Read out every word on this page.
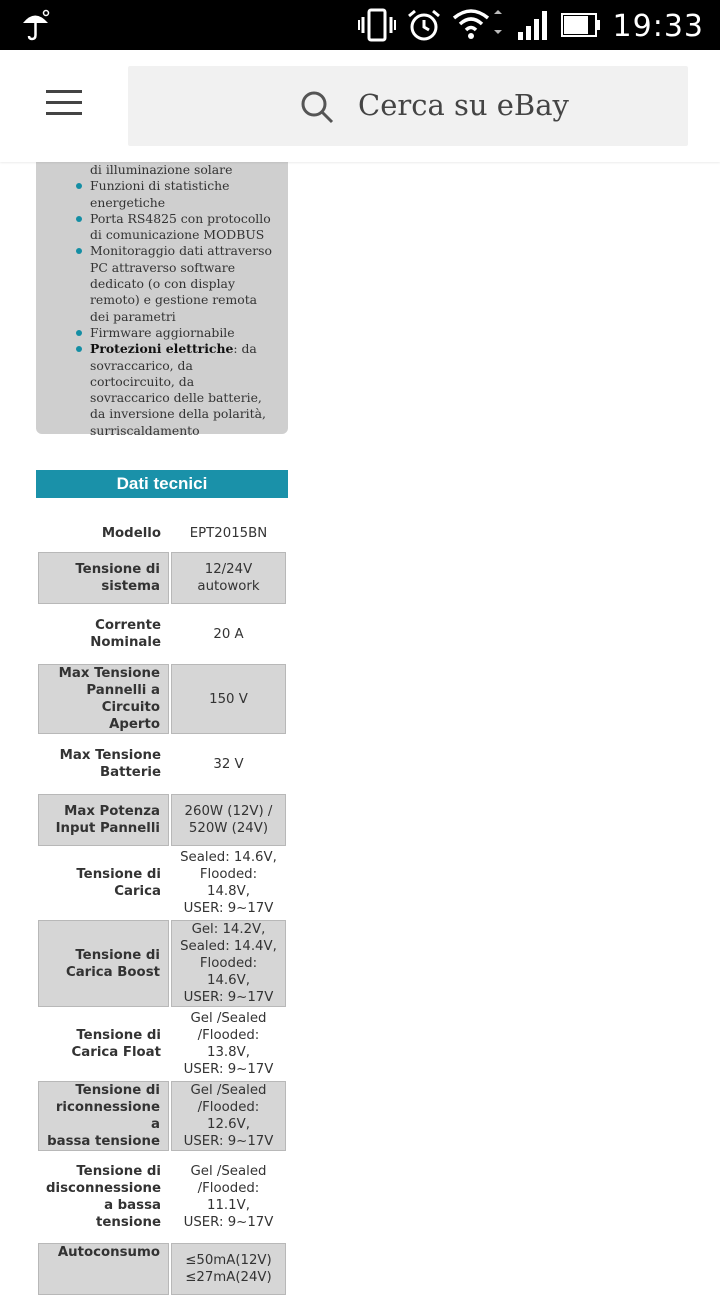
19:33
Cerca su eBay
di illuminazione solare
Funzioni di statistiche energetiche
Porta RS4825 con protocollo di comunicazione MODBUS
Monitoraggio dati attraverso PC attraverso software dedicato (o con display remoto) e gestione remota dei parametri
Firmware aggiornabile
Protezioni elettriche: da sovraccarico, da cortocircuito, da sovraccarico delle batterie, da inversione della polarità, surriscaldamento
Dati tecnici
Modello	EPT2015BN

Tensione di
sistema	12/24V
autowork

Corrente
Nominale	20 A

Max Tensione
Pannelli a
Circuito Aperto	150 V

Max Tensione
Batterie	32 V

Max Potenza
Input Pannelli	260W (12V) /
520W (24V)

Tensione di
Carica	Sealed: 14.6V,
Flooded: 14.8V,
USER: 9~17V

Tensione di
Carica Boost	Gel: 14.2V,
Sealed: 14.4V,
Flooded: 14.6V,
USER: 9~17V

Tensione di
Carica Float	Gel /Sealed
/Flooded: 13.8V,
USER: 9~17V

Tensione di
riconnessione a
bassa tensione	Gel /Sealed
/Flooded: 12.6V,
USER: 9~17V

Tensione di
disconnessione
a bassa
tensione	Gel /Sealed
/Flooded: 11.1V,
USER: 9~17V

Autoconsumo	≤50mA(12V)
≤27mA(24V)
